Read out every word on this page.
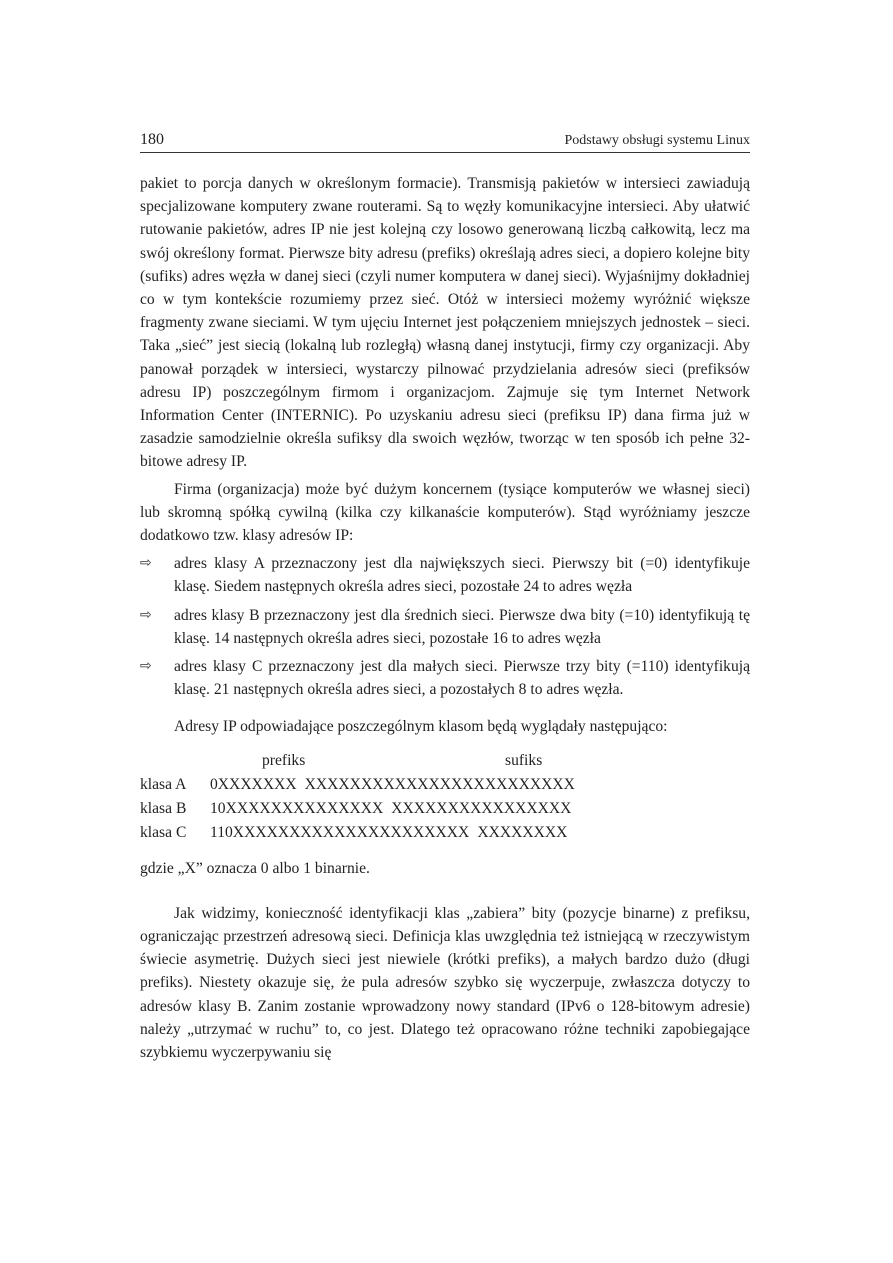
180	Podstawy obsługi systemu Linux

pakiet to porcja danych w określonym formacie). Transmisją pakietów w intersieci zawiadują specjalizowane komputery zwane routerami. Są to węzły komunikacyjne intersieci. Aby ułatwić rutowanie pakietów, adres IP nie jest kolejną czy losowo generowaną liczbą całkowitą, lecz ma swój określony format. Pierwsze bity adresu (prefiks) określają adres sieci, a dopiero kolejne bity (sufiks) adres węzła w danej sieci (czyli numer komputera w danej sieci). Wyjaśnijmy dokładniej co w tym kontekście rozumiemy przez sieć. Otóż w intersieci możemy wyróżnić większe fragmenty zwane sieciami. W tym ujęciu Internet jest połączeniem mniejszych jednostek – sieci. Taka „sieć” jest siecią (lokalną lub rozległą) własną danej instytucji, firmy czy organizacji. Aby panował porządek w intersieci, wystarczy pilnować przydzielania adresów sieci (prefiksów adresu IP) poszczególnym firmom i organizacjom. Zajmuje się tym Internet Network Information Center (INTERNIC). Po uzyskaniu adresu sieci (prefiksu IP) dana firma już w zasadzie samodzielnie określa sufiksy dla swoich węzłów, tworząc w ten sposób ich pełne 32-bitowe adresy IP.

Firma (organizacja) może być dużym koncernem (tysiące komputerów we własnej sieci) lub skromną spółką cywilną (kilka czy kilkanaście komputerów). Stąd wyróżniamy jeszcze dodatkowo tzw. klasy adresów IP:

⇨ adres klasy A przeznaczony jest dla największych sieci. Pierwszy bit (=0) identyfikuje klasę. Siedem następnych określa adres sieci, pozostałe 24 to adres węzła
⇨ adres klasy B przeznaczony jest dla średnich sieci. Pierwsze dwa bity (=10) identyfikują tę klasę. 14 następnych określa adres sieci, pozostałe 16 to adres węzła
⇨ adres klasy C przeznaczony jest dla małych sieci. Pierwsze trzy bity (=110) identyfikują klasę. 21 następnych określa adres sieci, a pozostałych 8 to adres węzła.

Adresy IP odpowiadające poszczególnym klasom będą wyglądały następująco:

prefiks	sufiks
klasa A 0XXXXXXX XXXXXXXXXXXXXXXXXXXXXXXX
klasa B 10XXXXXXXXXXXXXX XXXXXXXXXXXXXXXX
klasa C 110XXXXXXXXXXXXXXXXXXXXX XXXXXXXX

gdzie „X” oznacza 0 albo 1 binarnie.

Jak widzimy, konieczność identyfikacji klas „zabiera” bity (pozycje binarne) z prefiksu, ograniczając przestrzeń adresową sieci. Definicja klas uwzględnia też istniejącą w rzeczywistym świecie asymetrię. Dużych sieci jest niewiele (krótki prefiks), a małych bardzo dużo (długi prefiks). Niestety okazuje się, że pula adresów szybko się wyczerpuje, zwłaszcza dotyczy to adresów klasy B. Zanim zostanie wprowadzony nowy standard (IPv6 o 128-bitowym adresie) należy „utrzymać w ruchu” to, co jest. Dlatego też opracowano różne techniki zapobiegające szybkiemu wyczerpywaniu się
